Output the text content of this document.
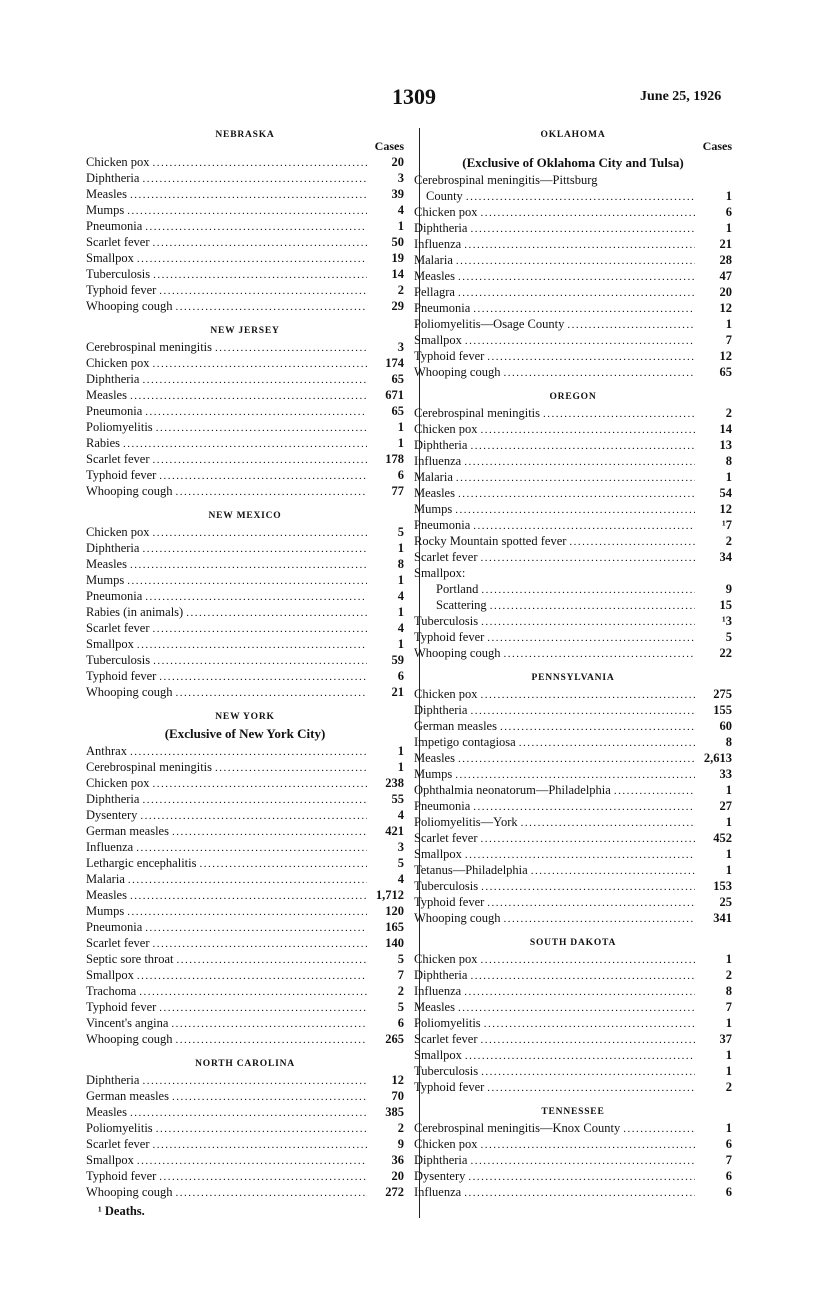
1309	June 25, 1926
NEBRASKA
Cases
Chicken pox .....	20
Diphtheria .....	3
Measles .....	39
Mumps .....	4
Pneumonia .....	1
Scarlet fever .....	50
Smallpox .....	19
Tuberculosis .....	14
Typhoid fever .....	2
Whooping cough .....	29
NEW JERSEY
Cerebrospinal meningitis .....	3
Chicken pox .....	174
Diphtheria .....	65
Measles .....	671
Pneumonia .....	65
Poliomyelitis .....	1
Rabies .....	1
Scarlet fever .....	178
Typhoid fever .....	6
Whooping cough .....	77
NEW MEXICO
Chicken pox .....	5
Diphtheria .....	1
Measles .....	8
Mumps .....	1
Pneumonia .....	4
Rabies (in animals) .....	1
Scarlet fever .....	4
Smallpox .....	1
Tuberculosis .....	59
Typhoid fever .....	6
Whooping cough .....	21
NEW YORK
(Exclusive of New York City)
Anthrax .....	1
Cerebrospinal meningitis .....	1
Chicken pox .....	238
Diphtheria .....	55
Dysentery .....	4
German measles .....	421
Influenza .....	3
Lethargic encephalitis .....	5
Malaria .....	4
Measles .....	1,712
Mumps .....	120
Pneumonia .....	165
Scarlet fever .....	140
Septic sore throat .....	5
Smallpox .....	7
Trachoma .....	2
Typhoid fever .....	5
Vincent's angina .....	6
Whooping cough .....	265
NORTH CAROLINA
Diphtheria .....	12
German measles .....	70
Measles .....	385
Poliomyelitis .....	2
Scarlet fever .....	9
Smallpox .....	36
Typhoid fever .....	20
Whooping cough .....	272
OKLAHOMA
Cases
(Exclusive of Oklahoma City and Tulsa)
Cerebrospinal meningitis—Pittsburg
County .....	1
Chicken pox .....	6
Diphtheria .....	1
Influenza .....	21
Malaria .....	28
Measles .....	47
Pellagra .....	20
Pneumonia .....	12
Poliomyelitis—Osage County .....	1
Smallpox .....	7
Typhoid fever .....	12
Whooping cough .....	65
OREGON
Cerebrospinal meningitis .....	2
Chicken pox .....	14
Diphtheria .....	13
Influenza .....	8
Malaria .....	1
Measles .....	54
Mumps .....	12
Pneumonia .....	¹7
Rocky Mountain spotted fever .....	2
Scarlet fever .....	34
Smallpox:
Portland .....	9
Scattering .....	15
Tuberculosis .....	¹3
Typhoid fever .....	5
Whooping cough .....	22
PENNSYLVANIA
Chicken pox .....	275
Diphtheria .....	155
German measles .....	60
Impetigo contagiosa .....	8
Measles .....	2,613
Mumps .....	33
Ophthalmia neonatorum—Philadelphia .....	1
Pneumonia .....	27
Poliomyelitis—York .....	1
Scarlet fever .....	452
Smallpox .....	1
Tetanus—Philadelphia .....	1
Tuberculosis .....	153
Typhoid fever .....	25
Whooping cough .....	341
SOUTH DAKOTA
Chicken pox .....	1
Diphtheria .....	2
Influenza .....	8
Measles .....	7
Poliomyelitis .....	1
Scarlet fever .....	37
Smallpox .....	1
Tuberculosis .....	1
Typhoid fever .....	2
TENNESSEE
Cerebrospinal meningitis—Knox County .....	1
Chicken pox .....	6
Diphtheria .....	7
Dysentery .....	6
Influenza .....	6
¹ Deaths.
